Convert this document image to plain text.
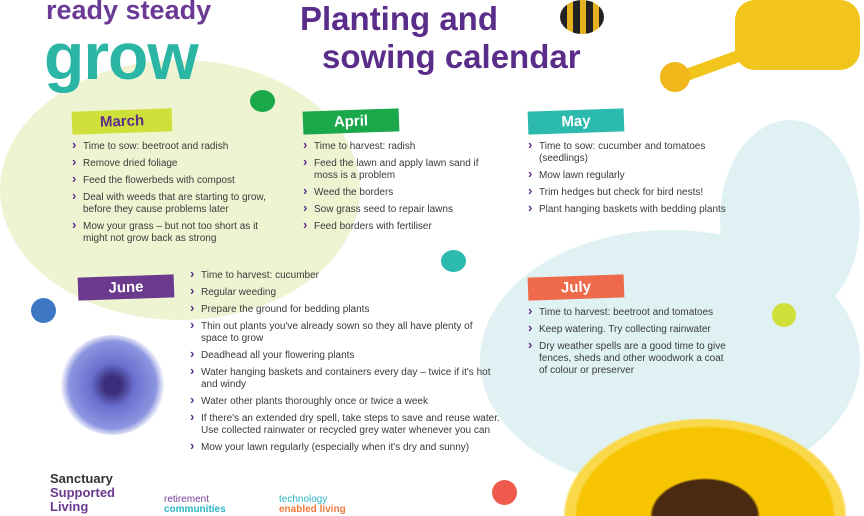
ready steady
grow
Planting and
sowing calendar
March
› Time to sow: beetroot and radish
› Remove dried foliage
› Feed the flowerbeds with compost
› Deal with weeds that are starting to grow, before they cause problems later
› Mow your grass – but not too short as it might not grow back as strong
April
› Time to harvest: radish
› Feed the lawn and apply lawn sand if moss is a problem
› Weed the borders
› Sow grass seed to repair lawns
› Feed borders with fertiliser
May
› Time to sow: cucumber and tomatoes (seedlings)
› Mow lawn regularly
› Trim hedges but check for bird nests!
› Plant hanging baskets with bedding plants
June
› Time to harvest: cucumber
› Regular weeding
› Prepare the ground for bedding plants
› Thin out plants you've already sown so they all have plenty of space to grow
› Deadhead all your flowering plants
› Water hanging baskets and containers every day – twice if it's hot and windy
› Water other plants thoroughly once or twice a week
› If there's an extended dry spell, take steps to save and reuse water. Use collected rainwater or recycled grey water whenever you can
› Mow your lawn regularly (especially when it's dry and sunny)
July
› Time to harvest: beetroot and tomatoes
› Keep watering. Try collecting rainwater
› Dry weather spells are a good time to give fences, sheds and other woodwork a coat of colour or preserver
Sanctuary
Supported
Living	retirement
communities
technology
enabled living
